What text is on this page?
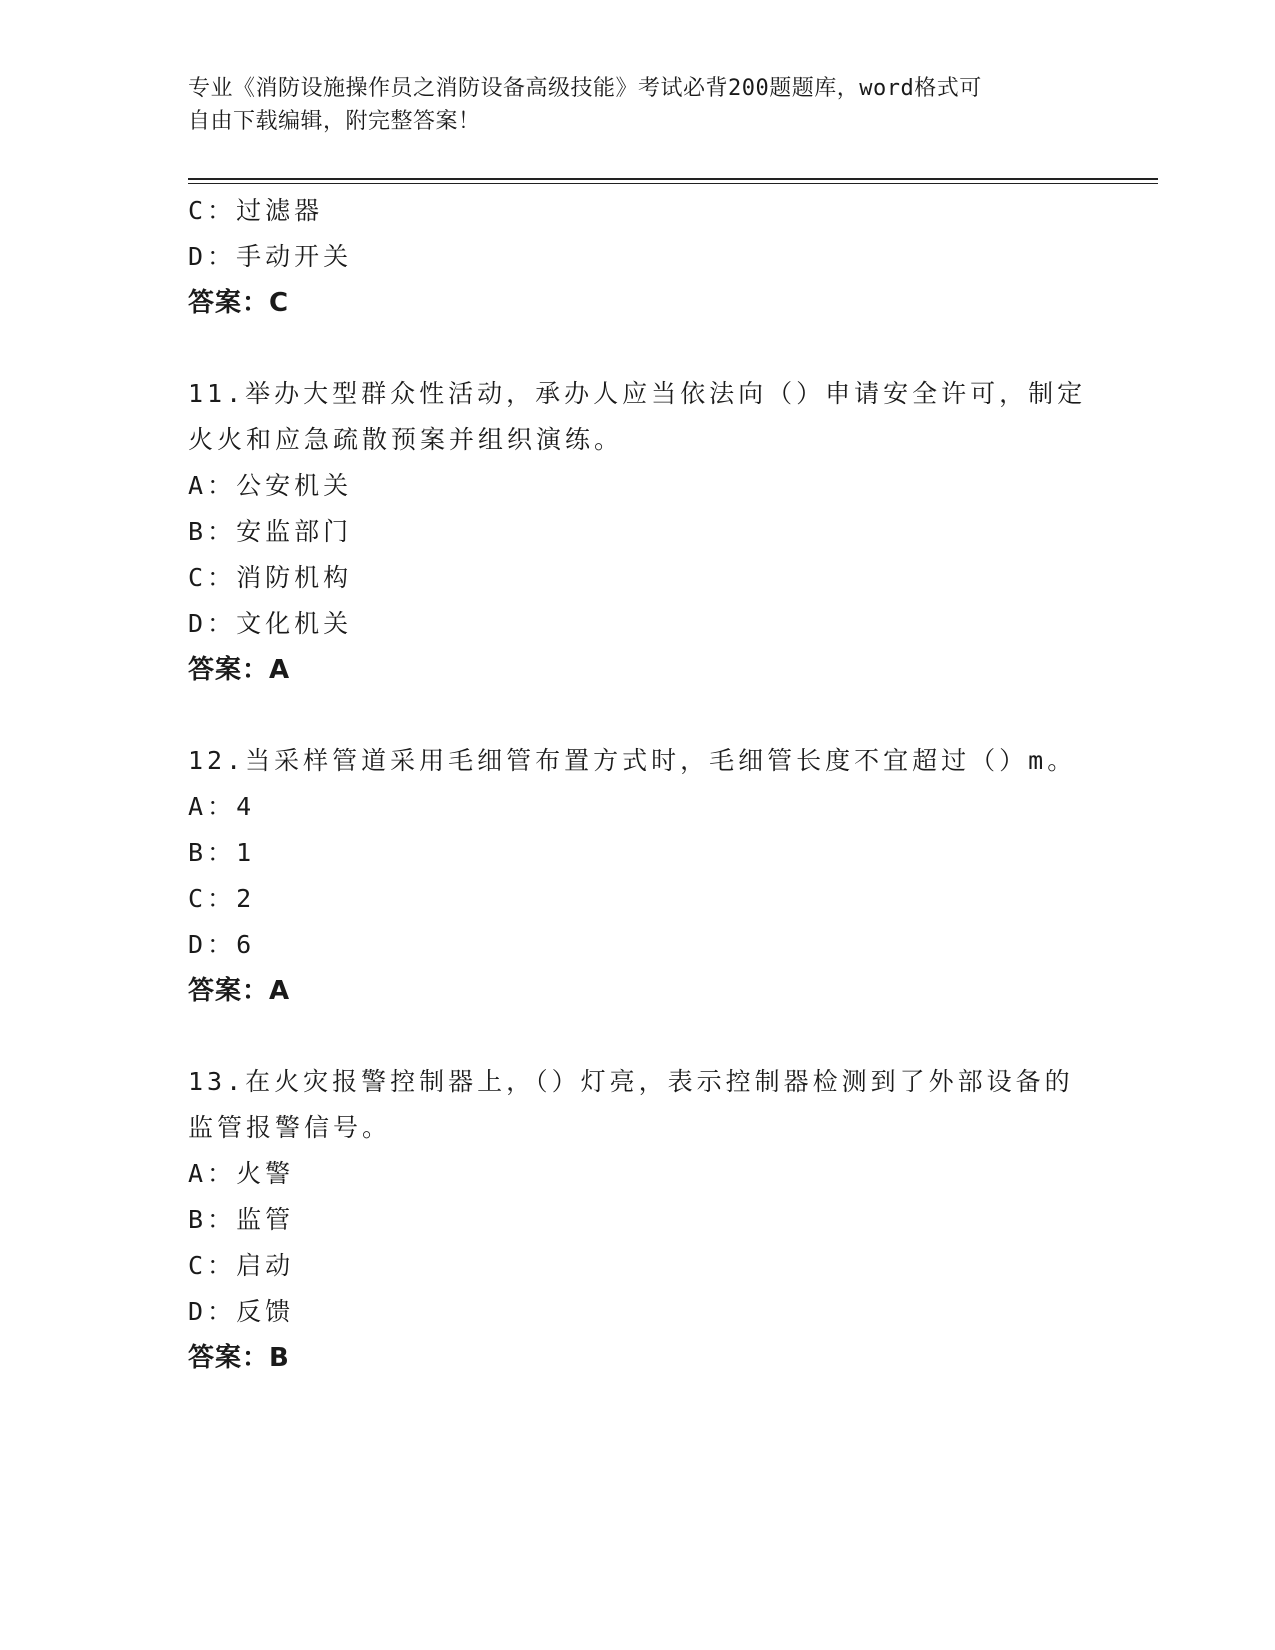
专业《消防设施操作员之消防设备高级技能》考试必背200题题库，word格式可
自由下载编辑，附完整答案！
C：过滤器
D：手动开关
答案：C
11.举办大型群众性活动，承办人应当依法向（）申请安全许可，制定
火火和应急疏散预案并组织演练。
A：公安机关
B：安监部门
C：消防机构
D：文化机关
答案：A
12.当采样管道采用毛细管布置方式时，毛细管长度不宜超过（）m。
A：4
B：1
C：2
D：6
答案：A
13.在火灾报警控制器上，（）灯亮，表示控制器检测到了外部设备的
监管报警信号。
A：火警
B：监管
C：启动
D：反馈
答案：B
